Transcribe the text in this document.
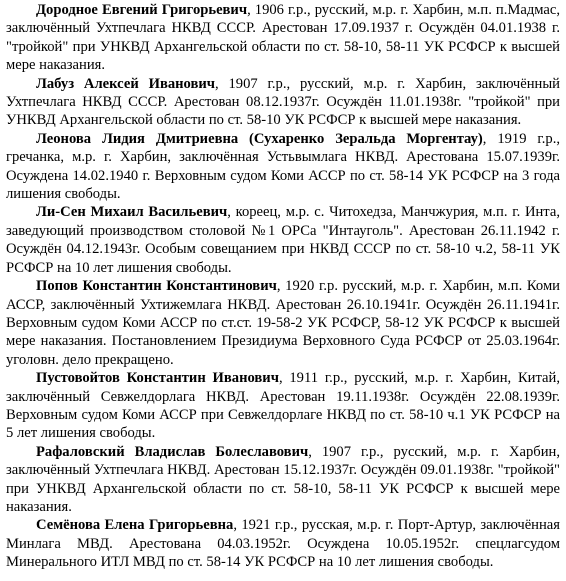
Дородное Евгений Григорьевич, 1906 г.р., русский, м.р. г. Харбин, м.п. п.Мадмас, заключённый Ухтпечлага НКВД СССР. Арестован 17.09.1937 г. Осуждён 04.01.1938 г. "тройкой" при УНКВД Архангельской области по ст. 58-10, 58-11 УК РСФСР к высшей мере наказания.

Лабуз Алексей Иванович, 1907 г.р., русский, м.р. г. Харбин, заключённый Ухтпечлага НКВД СССР. Арестован 08.12.1937г. Осуждён 11.01.1938г. "тройкой" при УНКВД Архангельской области по ст. 58-10 УК РСФСР к высшей мере наказания.

Леонова Лидия Дмитриевна (Сухаренко Зеральда Моргентау), 1919 г.р., гречанка, м.р. г. Харбин, заключённая Устьвымлага НКВД. Арестована 15.07.1939г. Осуждена 14.02.1940 г. Верховным судом Коми АССР по ст. 58-14 УК РСФСР на 3 года лишения свободы.

Ли-Сен Михаил Васильевич, кореец, м.р. с. Читохедза, Манчжурия, м.п. г. Инта, заведующий производством столовой №1 ОРСа "Интауголь". Арестован 26.11.1942 г. Осуждён 04.12.1943г. Особым совещанием при НКВД СССР по ст. 58-10 ч.2, 58-11 УК РСФСР на 10 лет лишения свободы.

Попов Константин Константинович, 1920 г.р. русский, м.р. г. Харбин, м.п. Коми АССР, заключённый Ухтижемлага НКВД. Арестован 26.10.1941г. Осуждён 26.11.1941г. Верховным судом Коми АССР по ст.ст. 19-58-2 УК РСФСР, 58-12 УК РСФСР к высшей мере наказания. Постановлением Президиума Верховного Суда РСФСР от 25.03.1964г. уголовн. дело прекращено.

Пустовойтов Константин Иванович, 1911 г.р., русский, м.р. г. Харбин, Китай, заключённый Севжелдорлага НКВД. Арестован 19.11.1938г. Осуждён 22.08.1939г. Верховным судом Коми АССР при Севжелдорлаге НКВД по ст. 58-10 ч.1 УК РСФСР на 5 лет лишения свободы.

Рафаловский Владислав Болеславович, 1907 г.р., русский, м.р. г. Харбин, заключённый Ухтпечлага НКВД. Арестован 15.12.1937г. Осуждён 09.01.1938г. "тройкой" при УНКВД Архангельской области по ст. 58-10, 58-11 УК РСФСР к высшей мере наказания.

Семёнова Елена Григорьевна, 1921 г.р., русская, м.р. г. Порт-Артур, заключённая Минлага МВД. Арестована 04.03.1952г. Осуждена 10.05.1952г. спецлагсудом Минерального ИТЛ МВД по ст. 58-14 УК РСФСР на 10 лет лишения свободы.
